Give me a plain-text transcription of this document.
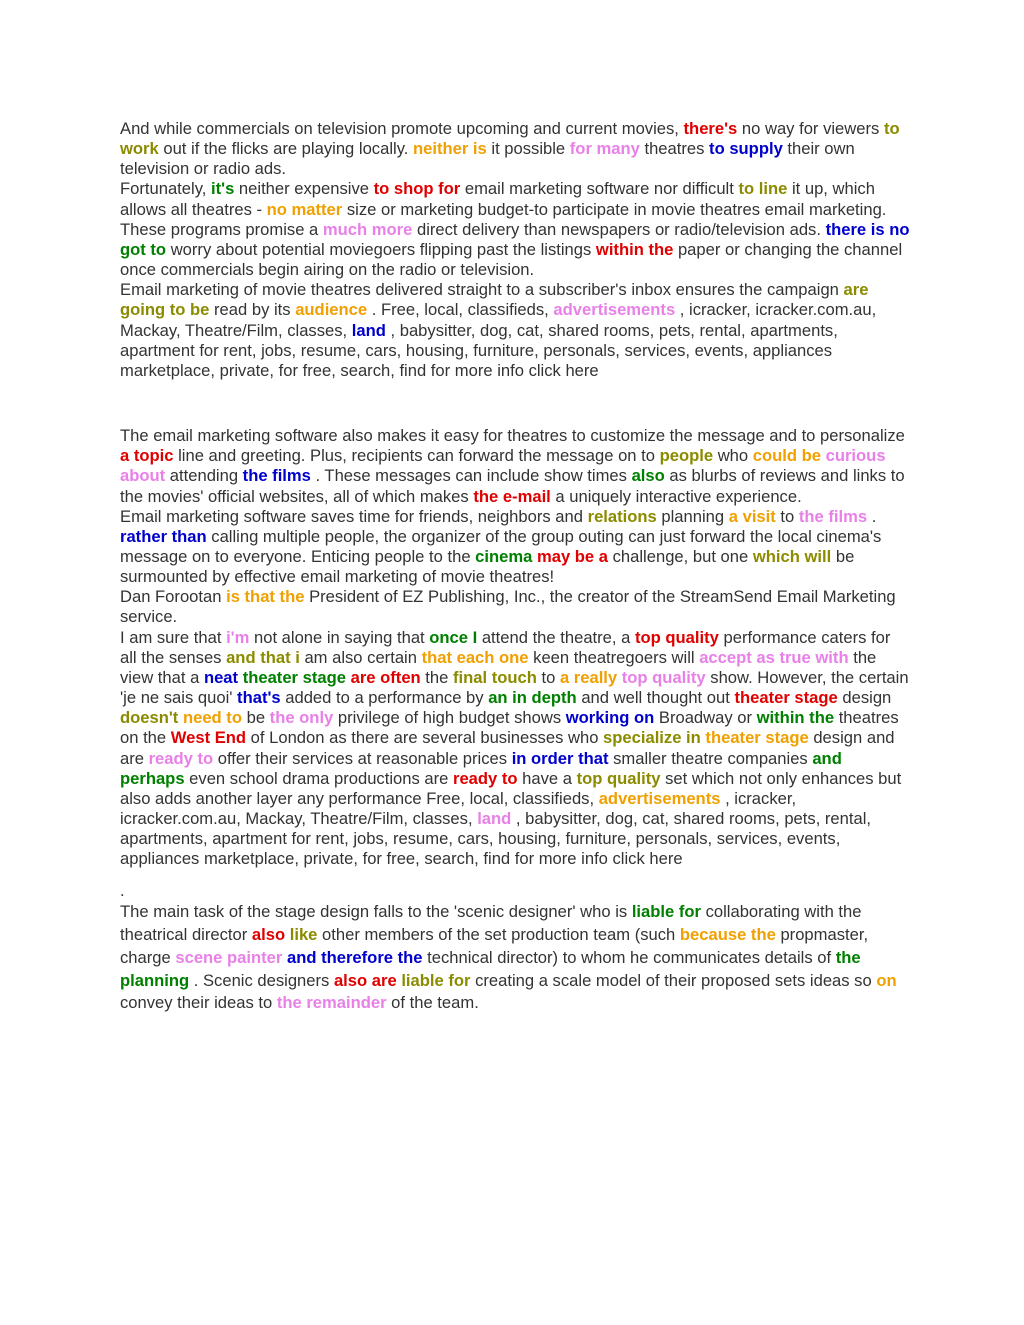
And while commercials on television promote upcoming and current movies, there's no way for viewers to work out if the flicks are playing locally. neither is it possible for many theatres to supply their own television or radio ads.

Fortunately, it's neither expensive to shop for email marketing software nor difficult to line it up, which allows all theatres - no matter size or marketing budget-to participate in movie theatres email marketing. These programs promise a much more direct delivery than newspapers or radio/television ads. there is no got to worry about potential moviegoers flipping past the listings within the paper or changing the channel once commercials begin airing on the radio or television.

Email marketing of movie theatres delivered straight to a subscriber's inbox ensures the campaign are going to be read by its audience . Free, local, classifieds, advertisements , icracker, icracker.com.au, Mackay, Theatre/Film, classes, land , babysitter, dog, cat, shared rooms, pets, rental, apartments, apartment for rent, jobs, resume, cars, housing, furniture, personals, services, events, appliances marketplace, private, for free, search, find for more info click here

The email marketing software also makes it easy for theatres to customize the message and to personalize a topic line and greeting. Plus, recipients can forward the message on to people who could be curious about attending the films . These messages can include show times also as blurbs of reviews and links to the movies' official websites, all of which makes the e-mail a uniquely interactive experience.

Email marketing software saves time for friends, neighbors and relations planning a visit to the films . rather than calling multiple people, the organizer of the group outing can just forward the local cinema's message on to everyone. Enticing people to the cinema may be a challenge, but one which will be surmounted by effective email marketing of movie theatres!

Dan Forootan is that the President of EZ Publishing, Inc., the creator of the StreamSend Email Marketing service.

I am sure that i'm not alone in saying that once I attend the theatre, a top quality performance caters for all the senses and that i am also certain that each one keen theatregoers will accept as true with the view that a neat theater stage are often the final touch to a really top quality show. However, the certain 'je ne sais quoi' that's added to a performance by an in depth and well thought out theater stage design doesn't need to be the only privilege of high budget shows working on Broadway or within the theatres on the West End of London as there are several businesses who specialize in theater stage design and are ready to offer their services at reasonable prices in order that smaller theatre companies and perhaps even school drama productions are ready to have a top quality set which not only enhances but also adds another layer any performance Free, local, classifieds, advertisements , icracker, icracker.com.au, Mackay, Theatre/Film, classes, land , babysitter, dog, cat, shared rooms, pets, rental, apartments, apartment for rent, jobs, resume, cars, housing, furniture, personals, services, events, appliances marketplace, private, for free, search, find for more info click here

.

The main task of the stage design falls to the 'scenic designer' who is liable for collaborating with the theatrical director also like other members of the set production team (such because the propmaster, charge scene painter and therefore the technical director) to whom he communicates details of the planning . Scenic designers also are liable for creating a scale model of their proposed sets ideas so on convey their ideas to the remainder of the team.
